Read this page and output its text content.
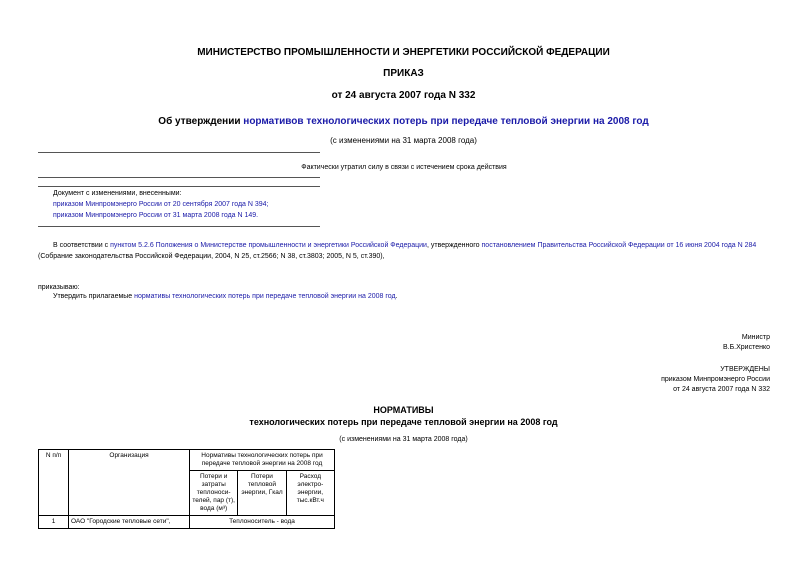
МИНИСТЕРСТВО ПРОМЫШЛЕННОСТИ И ЭНЕРГЕТИКИ РОССИЙСКОЙ ФЕДЕРАЦИИ
ПРИКАЗ
от 24 августа 2007 года N 332
Об утверждении нормативов технологических потерь при передаче тепловой энергии на 2008 год
(с изменениями на 31 марта 2008 года)
Фактически утратил силу в связи с истечением срока действия
Документ с изменениями, внесенными:
приказом Минпромэнерго России от 20 сентября 2007 года N 394;
приказом Минпромэнерго России от 31 марта 2008 года N 149.
В соответствии с пунктом 5.2.6 Положения о Министерстве промышленности и энергетики Российской Федерации, утвержденного постановлением Правительства Российской Федерации от 16 июня 2004 года N 284 (Собрание законодательства Российской Федерации, 2004, N 25, ст.2566; N 38, ст.3803; 2005, N 5, ст.390),
приказываю:
Утвердить прилагаемые нормативы технологических потерь при передаче тепловой энергии на 2008 год.
Министр
В.Б.Христенко
УТВЕРЖДЕНЫ
приказом Минпромэнерго России
от 24 августа 2007 года N 332
НОРМАТИВЫ
технологических потерь при передаче тепловой энергии на 2008 год
(с изменениями на 31 марта 2008 года)
N п/п	Организация	Нормативы технологических потерь при передаче тепловой энергии на 2008 год		
		Потери и затраты теплоноси-телей, пар (т), вода (м³)	Потери тепловой энергии, Гкал	Расход электро-энергии, тыс.кВт.ч
1	ОАО "Городские тепловые сети",	Теплоноситель - вода		
